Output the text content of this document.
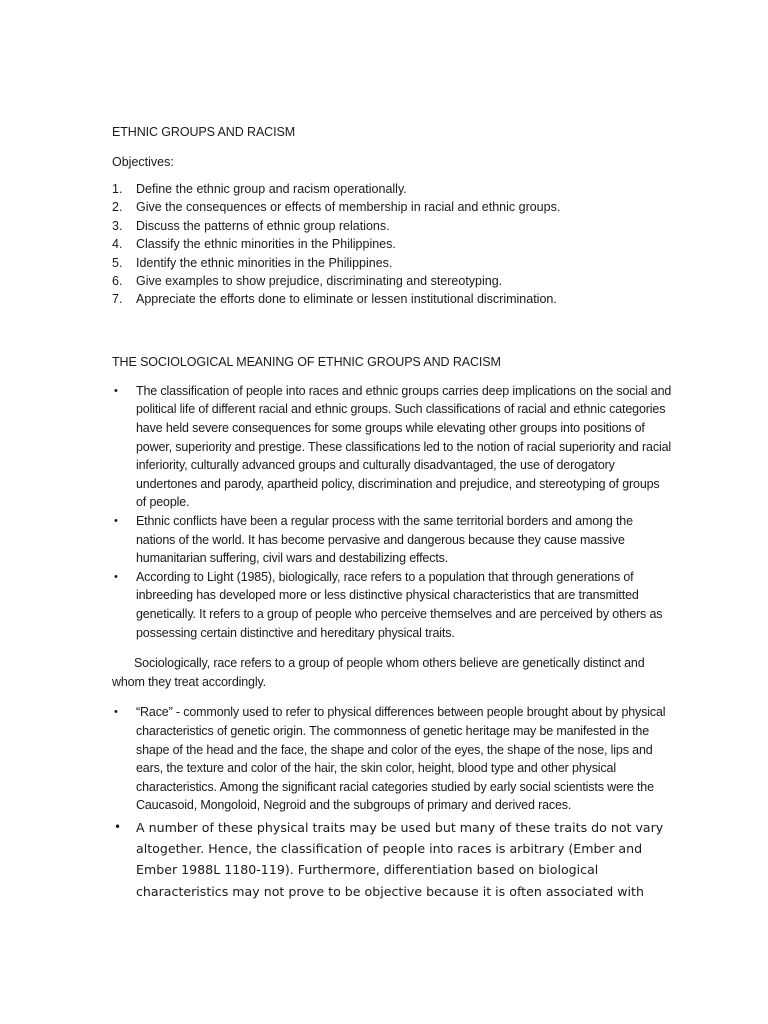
ETHNIC GROUPS AND RACISM

Objectives:

1. Define the ethnic group and racism operationally.
2. Give the consequences or effects of membership in racial and ethnic groups.
3. Discuss the patterns of ethnic group relations.
4. Classify the ethnic minorities in the Philippines.
5. Identify the ethnic minorities in the Philippines.
6. Give examples to show prejudice, discriminating and stereotyping.
7. Appreciate the efforts done to eliminate or lessen institutional discrimination.

THE SOCIOLOGICAL MEANING OF ETHNIC GROUPS AND RACISM

• The classification of people into races and ethnic groups carries deep implications on the social and political life of different racial and ethnic groups. Such classifications of racial and ethnic categories have held severe consequences for some groups while elevating other groups into positions of power, superiority and prestige. These classifications led to the notion of racial superiority and racial inferiority, culturally advanced groups and culturally disadvantaged, the use of derogatory undertones and parody, apartheid policy, discrimination and prejudice, and stereotyping of groups of people.
• Ethnic conflicts have been a regular process with the same territorial borders and among the nations of the world. It has become pervasive and dangerous because they cause massive humanitarian suffering, civil wars and destabilizing effects.
• According to Light (1985), biologically, race refers to a population that through generations of inbreeding has developed more or less distinctive physical characteristics that are transmitted genetically. It refers to a group of people who perceive themselves and are perceived by others as possessing certain distinctive and hereditary physical traits.

Sociologically, race refers to a group of people whom others believe are genetically distinct and whom they treat accordingly.

• “Race” - commonly used to refer to physical differences between people brought about by physical characteristics of genetic origin. The commonness of genetic heritage may be manifested in the shape of the head and the face, the shape and color of the eyes, the shape of the nose, lips and ears, the texture and color of the hair, the skin color, height, blood type and other physical characteristics. Among the significant racial categories studied by early social scientists were the Caucasoid, Mongoloid, Negroid and the subgroups of primary and derived races.
• A number of these physical traits may be used but many of these traits do not vary altogether. Hence, the classification of people into races is arbitrary (Ember and Ember 1988L 1180-119). Furthermore, differentiation based on biological characteristics may not prove to be objective because it is often associated with
